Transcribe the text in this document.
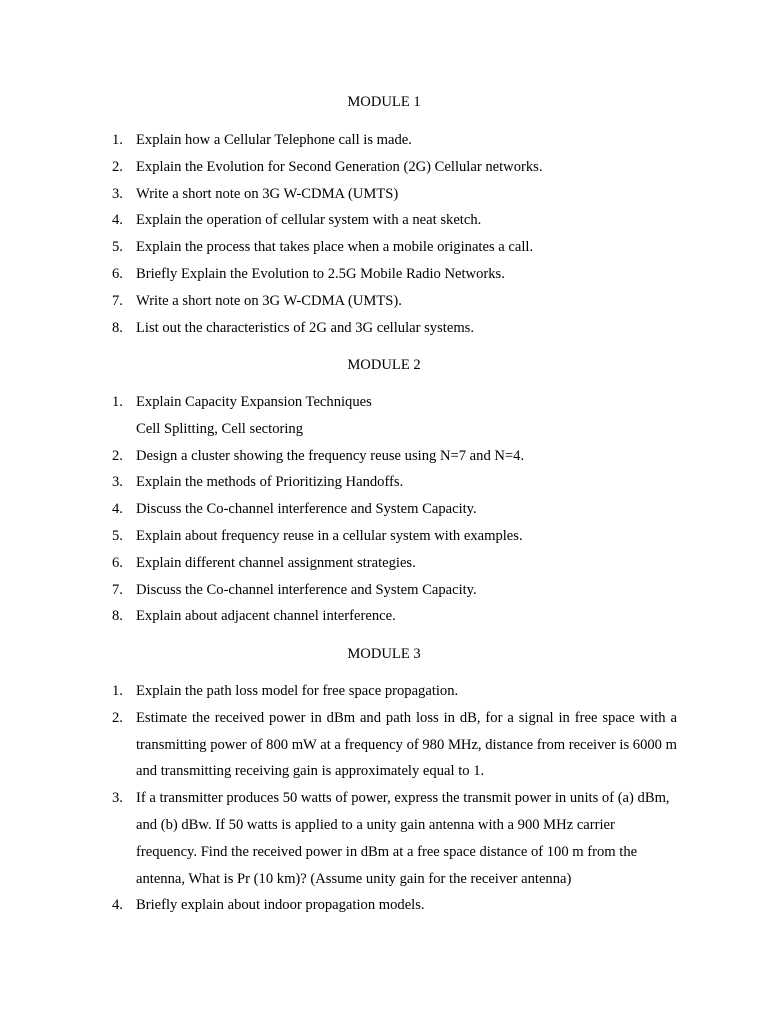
MODULE 1
1. Explain how a Cellular Telephone call is made.
2. Explain the Evolution for Second Generation (2G) Cellular networks.
3. Write a short note on 3G W-CDMA (UMTS)
4. Explain the operation of cellular system with a neat sketch.
5. Explain the process that takes place when a mobile originates a call.
6. Briefly Explain the Evolution to 2.5G Mobile Radio Networks.
7. Write a short note on 3G W-CDMA (UMTS).
8. List out the characteristics of 2G and 3G cellular systems.
MODULE 2
1. Explain Capacity Expansion Techniques
Cell Splitting, Cell sectoring
2. Design a cluster showing the frequency reuse using N=7 and N=4.
3. Explain the methods of Prioritizing Handoffs.
4. Discuss the Co-channel interference and System Capacity.
5. Explain about frequency reuse in a cellular system with examples.
6. Explain different channel assignment strategies.
7. Discuss the Co-channel interference and System Capacity.
8. Explain about adjacent channel interference.
MODULE 3
1. Explain the path loss model for free space propagation.
2. Estimate the received power in dBm and path loss in dB, for a signal in free space with a transmitting power of 800 mW at a frequency of 980 MHz, distance from receiver is 6000 m and transmitting receiving gain is approximately equal to 1.
3. If a transmitter produces 50 watts of power, express the transmit power in units of (a) dBm, and (b) dBw. If 50 watts is applied to a unity gain antenna with a 900 MHz carrier frequency. Find the received power in dBm at a free space distance of 100 m from the antenna, What is Pr (10 km)? (Assume unity gain for the receiver antenna)
4. Briefly explain about indoor propagation models.
